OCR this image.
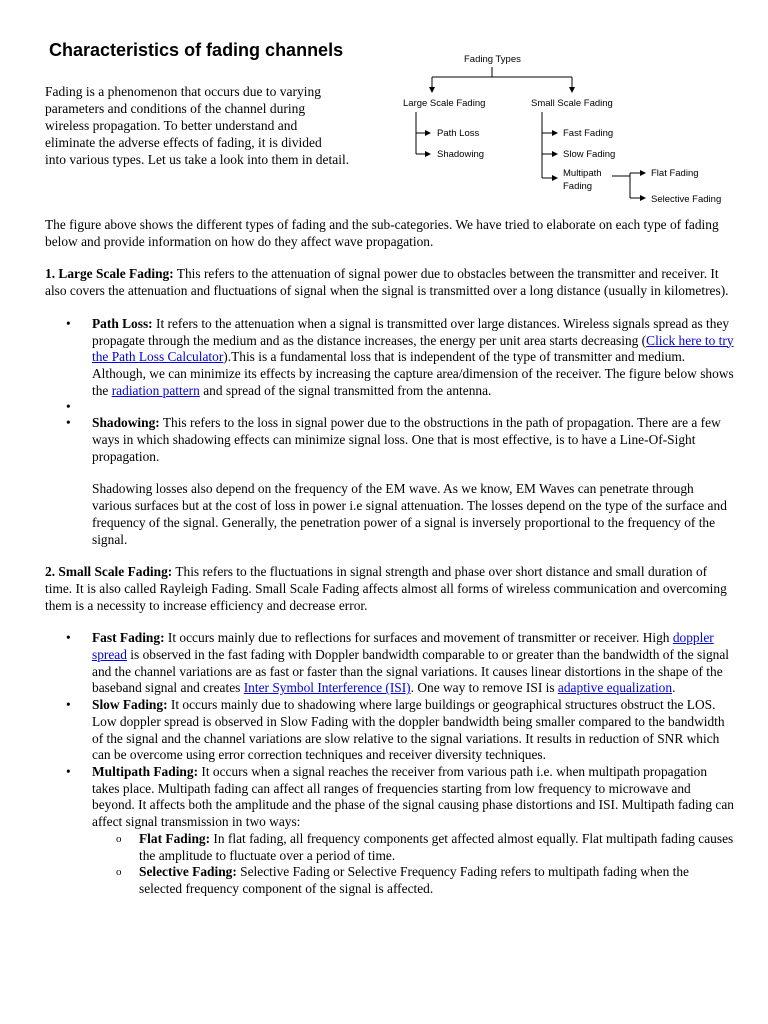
Characteristics of fading channels
Fading is a phenomenon that occurs due to varying
parameters and conditions of the channel during
wireless propagation. To better understand and
eliminate the adverse effects of fading, it is divided
into various types. Let us take a look into them in detail.
Fading Types
Large Scale Fading	Small Scale Fading
Path Loss
Shadowing
Fast Fading
Slow Fading
Multipath
Fading
Flat Fading
Selective Fading

The figure above shows the different types of fading and the sub-categories. We have tried to elaborate on each type of fading below and provide information on how do they affect wave propagation.

1. Large Scale Fading: This refers to the attenuation of signal power due to obstacles between the transmitter and receiver. It also covers the attenuation and fluctuations of signal when the signal is transmitted over a long distance (usually in kilometres).

• Path Loss: It refers to the attenuation when a signal is transmitted over large distances. Wireless signals spread as they propagate through the medium and as the distance increases, the energy per unit area starts decreasing (Click here to try the Path Loss Calculator).This is a fundamental loss that is independent of the type of transmitter and medium. Although, we can minimize its effects by increasing the capture area/dimension of the receiver. The figure below shows the radiation pattern and spread of the signal transmitted from the antenna.
•
• Shadowing: This refers to the loss in signal power due to the obstructions in the path of propagation. There are a few ways in which shadowing effects can minimize signal loss. One that is most effective, is to have a Line-Of-Sight propagation.
Shadowing losses also depend on the frequency of the EM wave. As we know, EM Waves can penetrate through various surfaces but at the cost of loss in power i.e signal attenuation. The losses depend on the type of the surface and frequency of the signal. Generally, the penetration power of a signal is inversely proportional to the frequency of the signal.

2. Small Scale Fading: This refers to the fluctuations in signal strength and phase over short distance and small duration of time. It is also called Rayleigh Fading. Small Scale Fading affects almost all forms of wireless communication and overcoming them is a necessity to increase efficiency and decrease error.

• Fast Fading: It occurs mainly due to reflections for surfaces and movement of transmitter or receiver. High doppler spread is observed in the fast fading with Doppler bandwidth comparable to or greater than the bandwidth of the signal and the channel variations are as fast or faster than the signal variations. It causes linear distortions in the shape of the baseband signal and creates Inter Symbol Interference (ISI). One way to remove ISI is adaptive equalization.
• Slow Fading: It occurs mainly due to shadowing where large buildings or geographical structures obstruct the LOS. Low doppler spread is observed in Slow Fading with the doppler bandwidth being smaller compared to the bandwidth of the signal and the channel variations are slow relative to the signal variations. It results in reduction of SNR which can be overcome using error correction techniques and receiver diversity techniques.
• Multipath Fading: It occurs when a signal reaches the receiver from various path i.e. when multipath propagation takes place. Multipath fading can affect all ranges of frequencies starting from low frequency to microwave and beyond. It affects both the amplitude and the phase of the signal causing phase distortions and ISI. Multipath fading can affect signal transmission in two ways:
o Flat Fading: In flat fading, all frequency components get affected almost equally. Flat multipath fading causes the amplitude to fluctuate over a period of time.
o Selective Fading: Selective Fading or Selective Frequency Fading refers to multipath fading when the selected frequency component of the signal is affected.
